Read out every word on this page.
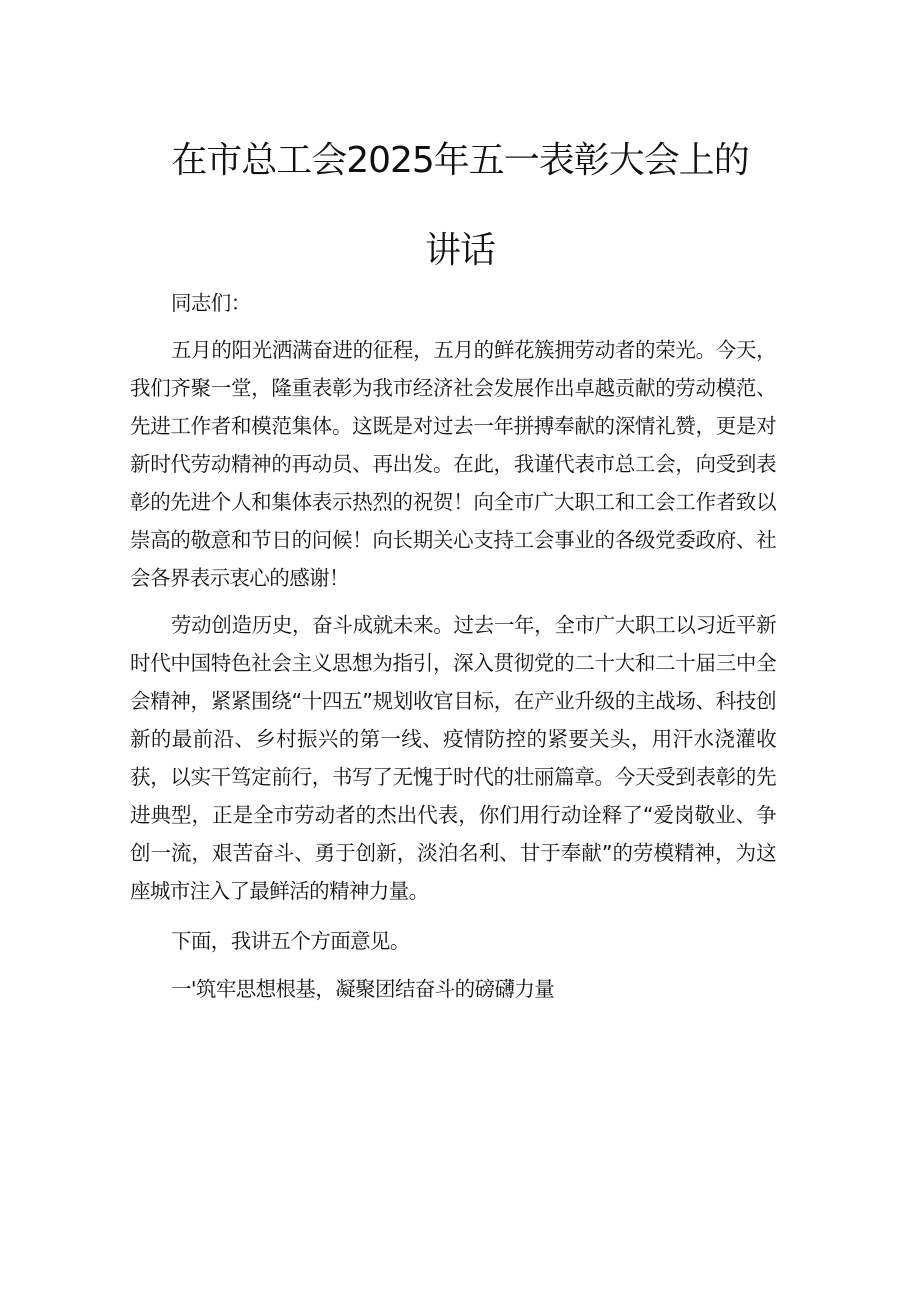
在市总工会2025年五一表彰大会上的
讲话

同志们：

五月的阳光洒满奋进的征程，五月的鲜花簇拥劳动者的荣光。今天，我们齐聚一堂，隆重表彰为我市经济社会发展作出卓越贡献的劳动模范、先进工作者和模范集体。这既是对过去一年拼搏奉献的深情礼赞，更是对新时代劳动精神的再动员、再出发。在此，我谨代表市总工会，向受到表彰的先进个人和集体表示热烈的祝贺！向全市广大职工和工会工作者致以崇高的敬意和节日的问候！向长期关心支持工会事业的各级党委政府、社会各界表示衷心的感谢！

劳动创造历史，奋斗成就未来。过去一年，全市广大职工以习近平新时代中国特色社会主义思想为指引，深入贯彻党的二十大和二十届三中全会精神，紧紧围绕“十四五”规划收官目标，在产业升级的主战场、科技创新的最前沿、乡村振兴的第一线、疫情防控的紧要关头，用汗水浇灌收获，以实干笃定前行，书写了无愧于时代的壮丽篇章。今天受到表彰的先进典型，正是全市劳动者的杰出代表，你们用行动诠释了“爱岗敬业、争创一流，艰苦奋斗、勇于创新，淡泊名利、甘于奉献”的劳模精神，为这座城市注入了最鲜活的精神力量。

下面，我讲五个方面意见。

一'筑牢思想根基，凝聚团结奋斗的磅礴力量
